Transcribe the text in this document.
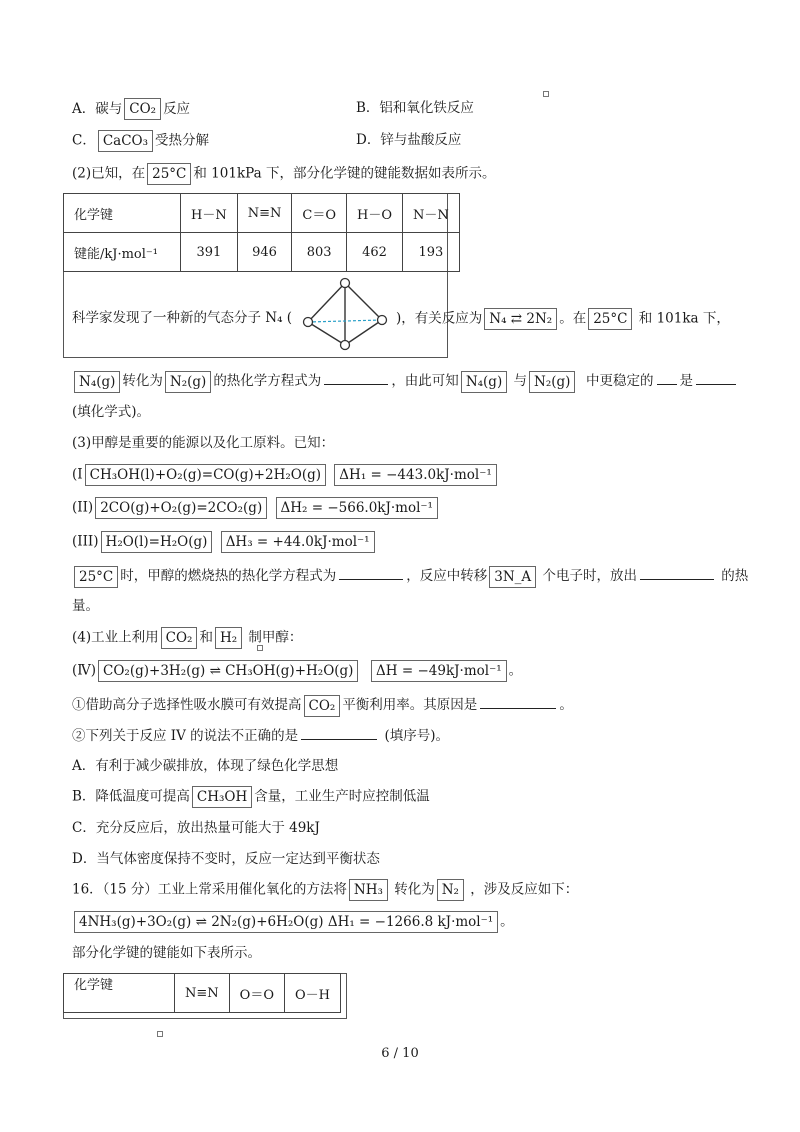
A．碳与 CO₂ 反应	B．铝和氧化铁反应
C． CaCO₃ 受热分解	D．锌与盐酸反应
(2)已知，在 25°C 和 101kPa 下，部分化学键的键能数据如表所示。
化学键	H－N	N≡N	C＝O	H－O	N－N
键能/kJ·mol⁻¹	391	946	803	462	193
科学家发现了一种新的气态分子 N₄ (	)，有关反应为 N₄ ⇄ 2N₂ 。在 25°C 和 101ka 下，
N₄(g) 转化为 N₂(g) 的热化学方程式为	，由此可知 N₄(g) 与 N₂(g) 中更稳定的 是
(填化学式)。
(3)甲醇是重要的能源以及化工原料。已知：
(I CH₃OH(l)+O₂(g)=CO(g)+2H₂O(g) ΔH₁ = −443.0kJ·mol⁻¹
(II) 2CO(g)+O₂(g)=2CO₂(g) ΔH₂ = −566.0kJ·mol⁻¹
(III) H₂O(l)=H₂O(g) ΔH₃ = +44.0kJ·mol⁻¹
25°C 时，甲醇的燃烧热的热化学方程式为	，反应中转移 3N_A 个电子时，放出	的热
量。
(4)工业上利用 CO₂ 和 H₂ 制甲醇：
(Ⅳ) CO₂(g)+3H₂(g) ⇌ CH₃OH(g)+H₂O(g) ΔH = −49kJ·mol⁻¹ 。
①借助高分子选择性吸水膜可有效提高 CO₂ 平衡利用率。其原因是	。
②下列关于反应 IV 的说法不正确的是	(填序号)。
A．有利于减少碳排放，体现了绿色化学思想
B．降低温度可提高 CH₃OH 含量，工业生产时应控制低温
C．充分反应后，放出热量可能大于 49kJ
D．当气体密度保持不变时，反应一定达到平衡状态
16．（15 分）工业上常采用催化氧化的方法将 NH₃ 转化为 N₂ ，涉及反应如下：
4NH₃(g)+3O₂(g) ⇌ 2N₂(g)+6H₂O(g) ΔH₁ = −1266.8 kJ·mol⁻¹ 。
部分化学键的键能如下表所示。
化学键	N≡N	O＝O	O－H
6 / 10
